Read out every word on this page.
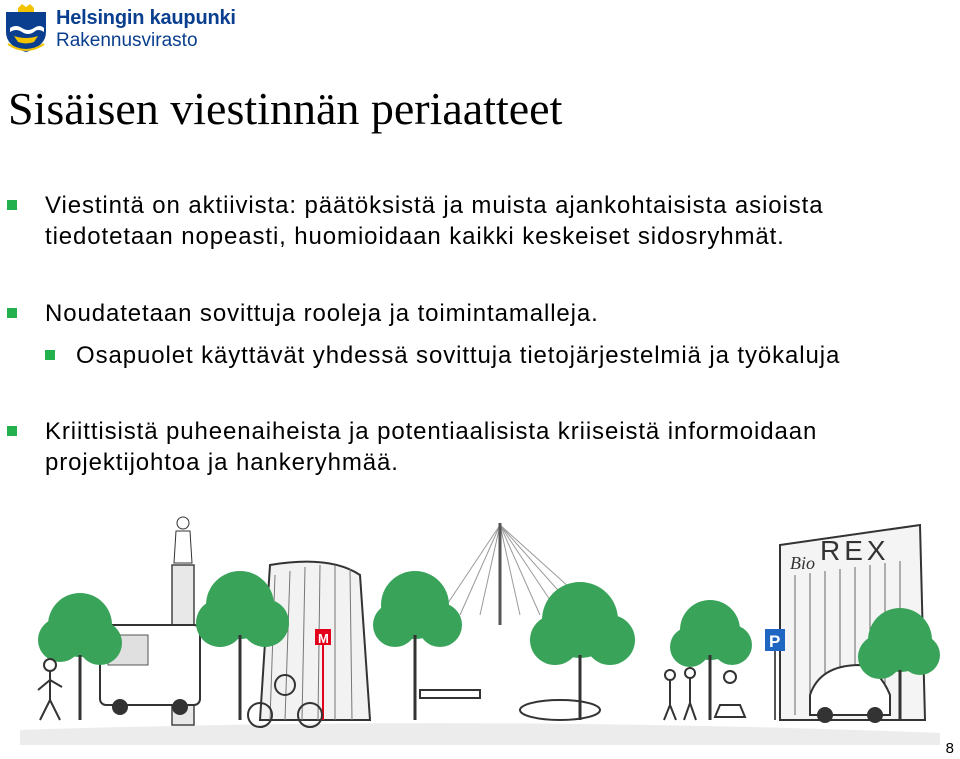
Helsingin kaupunki
Rakennusvirasto
Sisäisen viestinnän periaatteet
Viestintä on aktiivista: päätöksistä ja muista ajankohtaisista asioista tiedotetaan nopeasti, huomioidaan kaikki keskeiset sidosryhmät.
Noudatetaan sovittuja rooleja ja toimintamalleja.
Osapuolet käyttävät yhdessä sovittuja tietojärjestelmiä ja työkaluja
Kriittisistä puheenaiheista ja potentiaalisista kriiseistä informoidaan projektijohtoa ja hankeryhmää.
Bio REX
M	P
8
